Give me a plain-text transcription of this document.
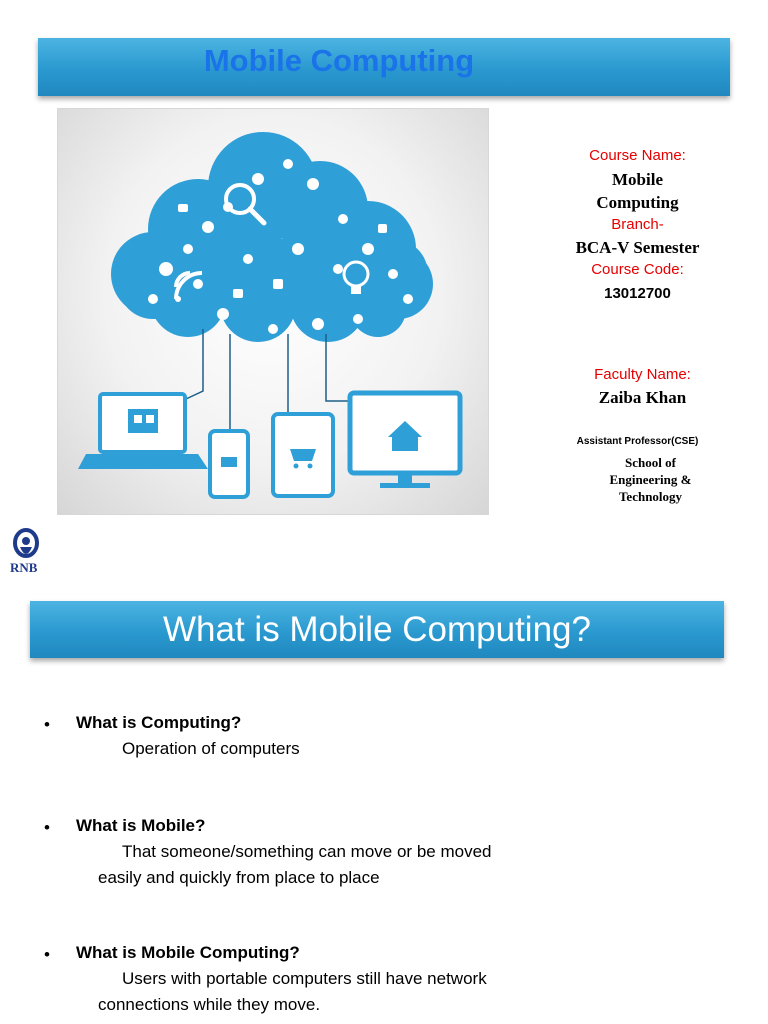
Mobile Computing
Course Name:
Mobile
Computing
Branch-
BCA-V Semester
Course Code:
13012700
Faculty Name:
Zaiba Khan
Assistant Professor(CSE)
School of
Engineering &
Technology
RNB
What is Mobile Computing?
• What is Computing?
Operation of computers
• What is Mobile?
That someone/something can move or be moved
easily and quickly from place to place
• What is Mobile Computing?
Users with portable computers still have network
connections while they move.
